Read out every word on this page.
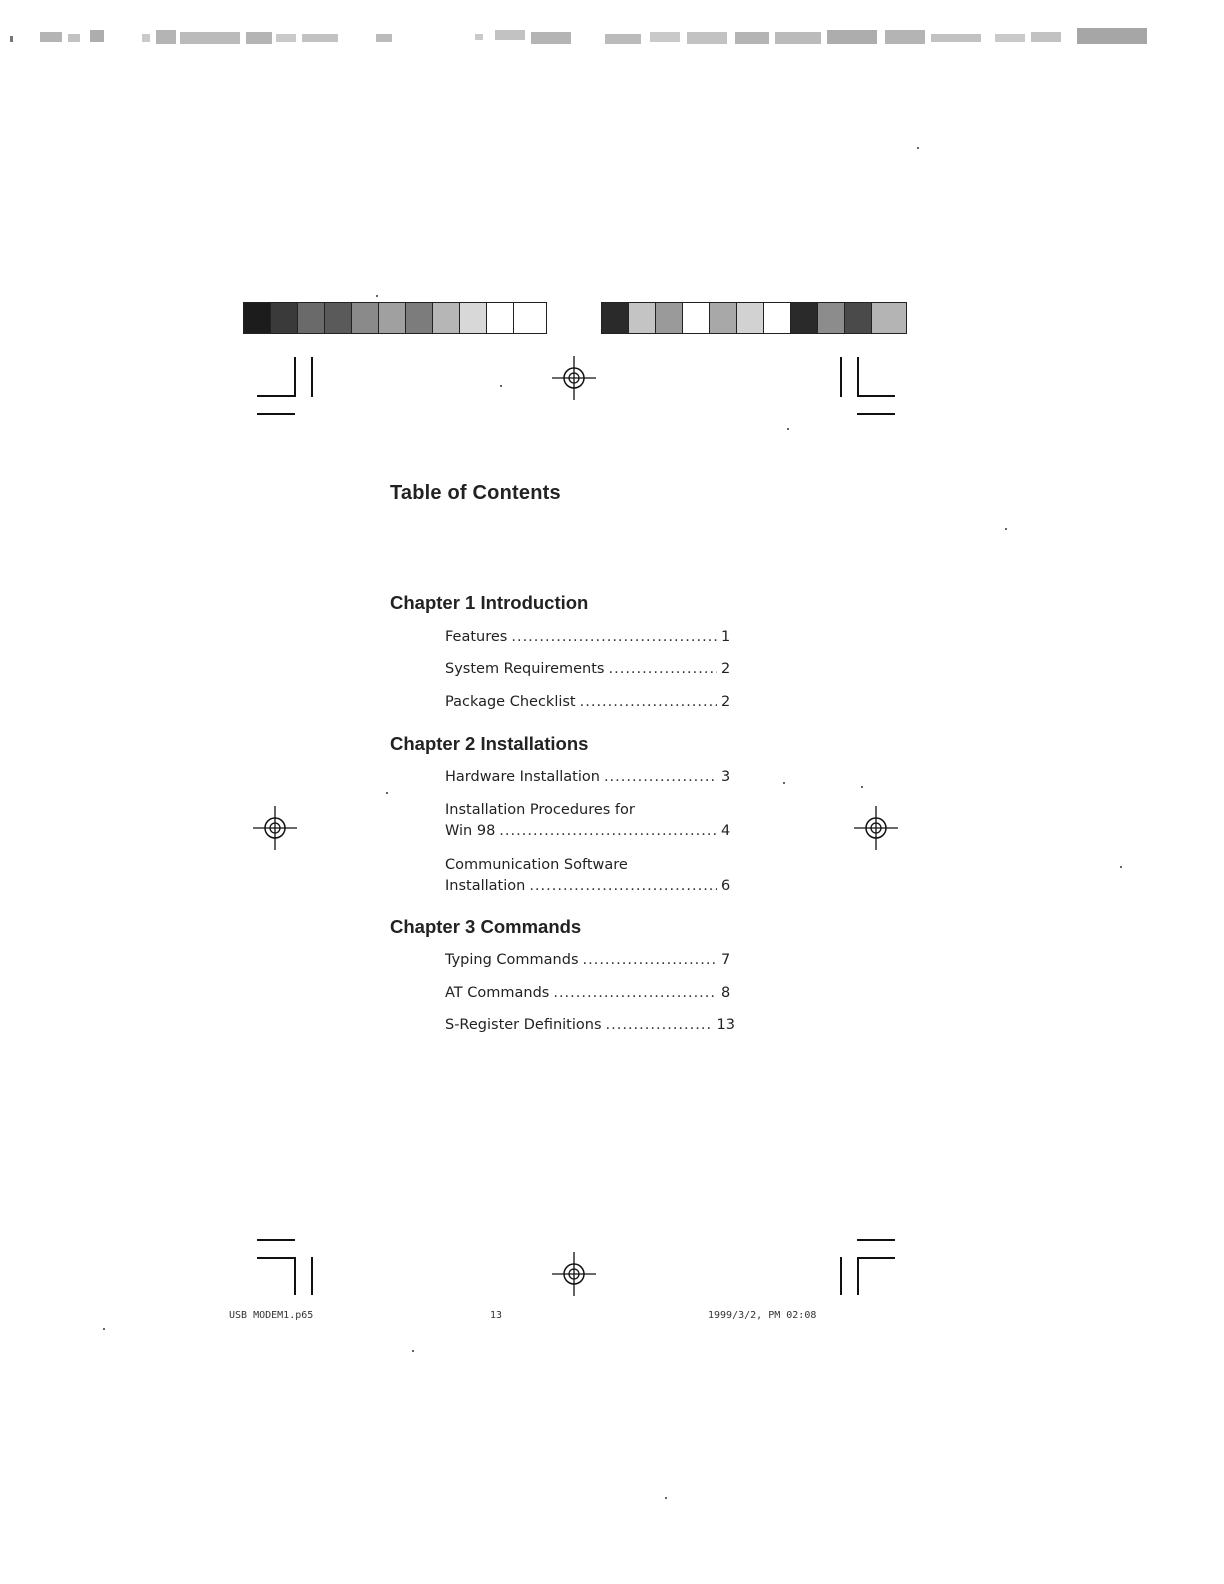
Table of Contents
Chapter 1 Introduction
Features .....	1
System Requirements .....	2
Package Checklist .....	2
Chapter 2 Installations
Hardware Installation .....	3
Installation Procedures for
Win 98 .....	4
Communication Software
Installation .....	6
Chapter 3 Commands
Typing Commands .....	7
AT Commands .....	8
S-Register Definitions .....	13
USB MODEM1.p65	13	1999/3/2, PM 02:08
